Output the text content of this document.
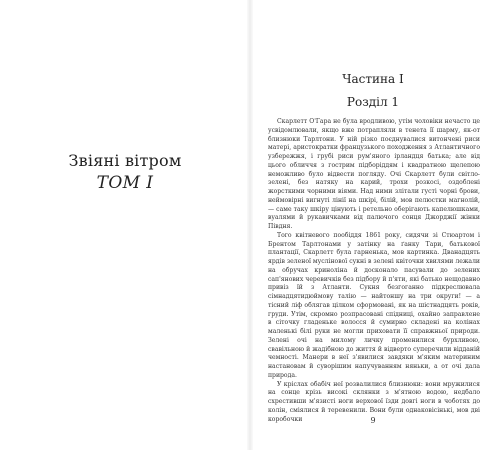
Звіяні вітром
ТОМ I
Частина I
Розділ 1

Скарлетт О'Гара не була вродливою, утім чоловіки нечасто це усвідомлювали, якщо вже потрапляли в тенета її шарму, як-от близнюки Тарлтони. У ній різко поєднувалися витончені риси матері, аристократки французького походження з Атлантичного узбережжя, і грубі риси рум'яного ірландця батька; але від цього обличчя з гострим підборіддям і квадратною щелепою неможливо було відвести погляду. Очі Скарлетт були світло-зелені, без натяку на карий, трохи розкосі, оздоблені жорсткими чорними віями. Над ними злітали густі чорні брови, неймовірні вигнуті лінії на шкірі, білій, мов пелюстки магнолій, — саме таку шкіру цінують і ретельно оберігають капелюшками, вуалями й рукавичками від палючого сонця Джорджії жінки Півдня.

Того квітневого пообіддя 1861 року, сидячи зі Стюартом і Брентом Тарлтонами у затінку на ґанку Тари, батькової плантації, Скарлетт була гарненька, мов картинка. Дванадцять ярдів зеленої муслінової сукні в зелені квіточки хвилями лежали на обручах криноліна й досконало пасували до зелених сап'янових черевичків без підбору й п'яти, які батько нещодавно привіз їй з Атланти. Сукня безгоганно підкреслювала сімнадцятидюймову талію — найтоншу на три округи! — а тісний ліф облягав цілком сформовані, як на шістнадцять років, груди. Утім, скромно розпрасовані спідниці, охайно заправлене в сіточку гладеньке волосся й сумирно складені на колінах маленькі білі руки не могли приховати її справжньої природи. Зелені очі на милому личку променилися бурхливою, свавільною й жадібною до життя й відверто суперечили відданій чемності. Манери в неї з'явилися завдяки м'яким материним настановам й суворішим напучуванням няньки, а от очі дала природа.

У кріслах обабіч неї розвалилися близнюки: вони мружилися на сонце крізь високі склянки з м'ятною водою, недбало схрестивши м'язисті ноги верхової їзди довгі ноги в чоботях до колін, сміялися й теревенили. Вони були однаковісінькі, мов дві коробочки	9
